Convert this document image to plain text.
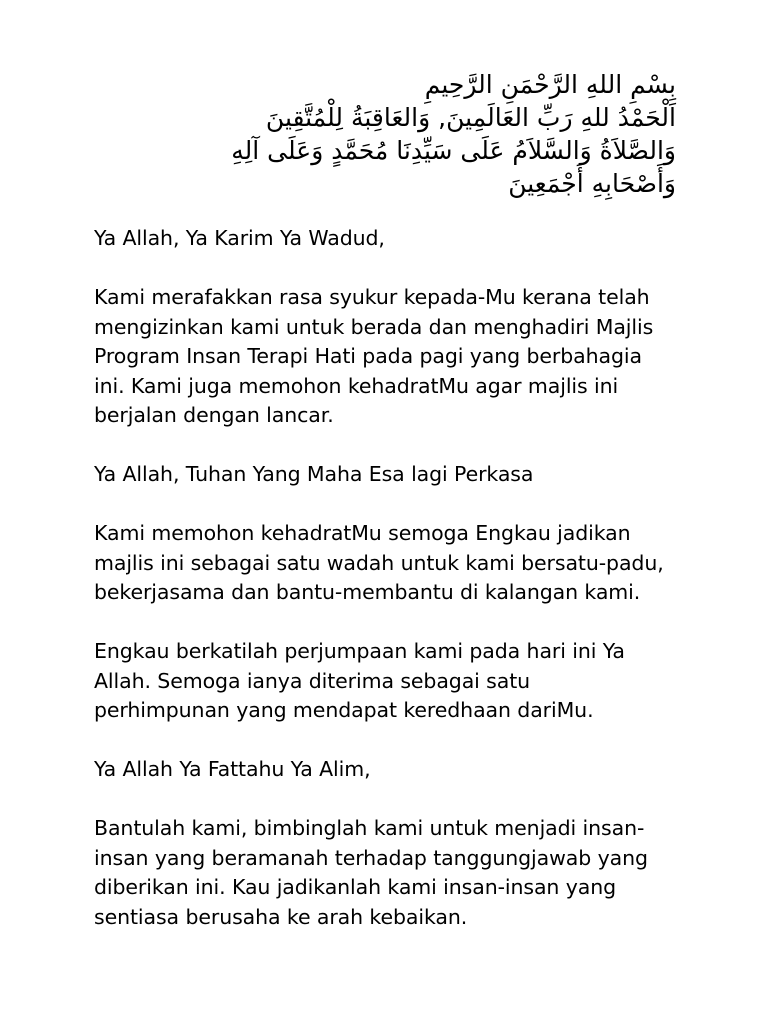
بِسْمِ اللهِ الرَّحْمَنِ الرَّحِيمِ
اَلْحَمْدُ للهِ رَبِّ العَالَمِينَ, وَالعَاقِبَةُ لِلْمُتَّقِينَ
وَالصَّلاَةُ وَالسَّلاَمُ عَلَى سَيِّدِنَا مُحَمَّدٍ وَعَلَى آلِهِ
وَأَصْحَابِهِ أَجْمَعِينَ

Ya Allah, Ya Karim Ya Wadud,

Kami merafakkan rasa syukur kepada-Mu kerana telah
mengizinkan kami untuk berada dan menghadiri Majlis
Program Insan Terapi Hati pada pagi yang berbahagia
ini. Kami juga memohon kehadratMu agar majlis ini
berjalan dengan lancar.

Ya Allah, Tuhan Yang Maha Esa lagi Perkasa

Kami memohon kehadratMu semoga Engkau jadikan
majlis ini sebagai satu wadah untuk kami bersatu-padu,
bekerjasama dan bantu-membantu di kalangan kami.

Engkau berkatilah perjumpaan kami pada hari ini Ya
Allah. Semoga ianya diterima sebagai satu
perhimpunan yang mendapat keredhaan dariMu.

Ya Allah Ya Fattahu Ya Alim,

Bantulah kami, bimbinglah kami untuk menjadi insan-
insan yang beramanah terhadap tanggungjawab yang
diberikan ini. Kau jadikanlah kami insan-insan yang
sentiasa berusaha ke arah kebaikan.
